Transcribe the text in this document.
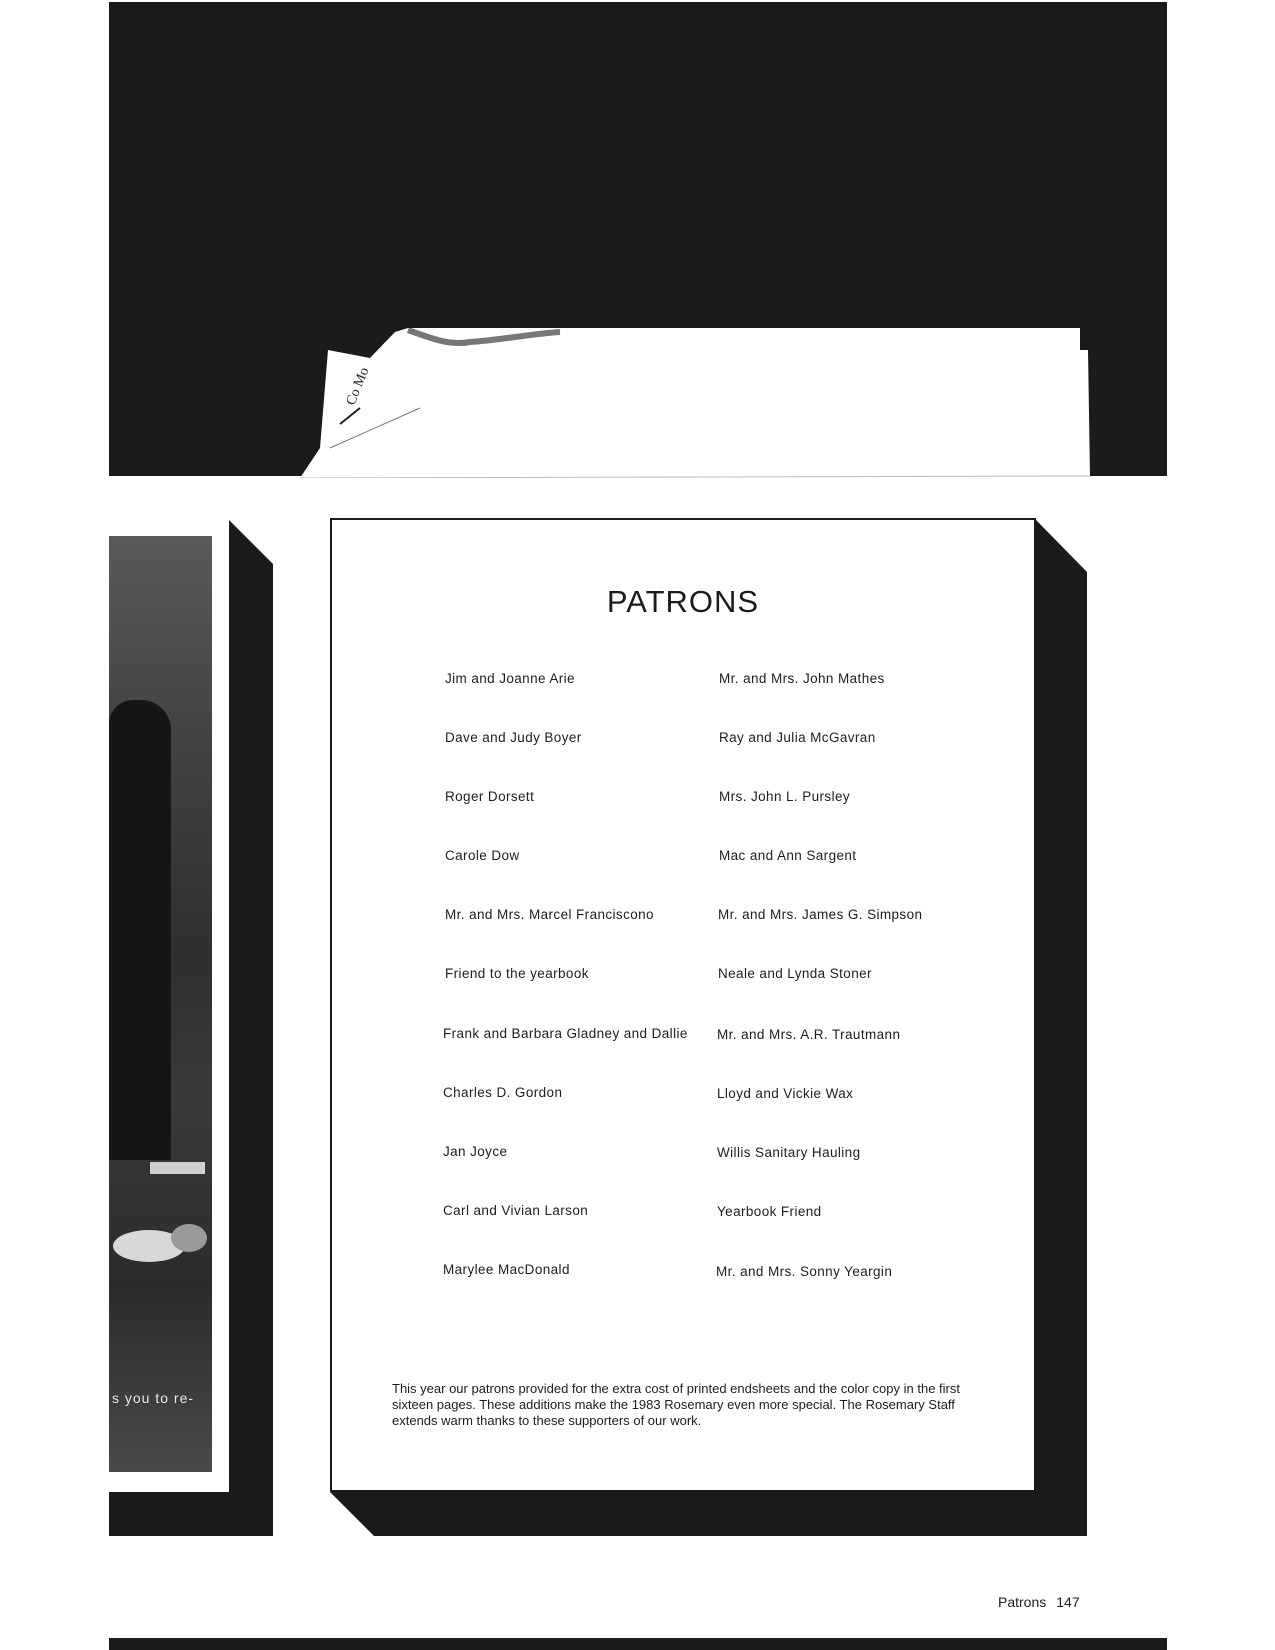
Co Mo
s you to re-
PATRONS
Jim and Joanne Arie
Dave and Judy Boyer
Roger Dorsett
Carole Dow
Mr. and Mrs. Marcel Franciscono
Friend to the yearbook
Frank and Barbara Gladney and Dallie
Charles D. Gordon
Jan Joyce
Carl and Vivian Larson
Marylee MacDonald
Mr. and Mrs. John Mathes
Ray and Julia McGavran
Mrs. John L. Pursley
Mac and Ann Sargent
Mr. and Mrs. James G. Simpson
Neale and Lynda Stoner
Mr. and Mrs. A.R. Trautmann
Lloyd and Vickie Wax
Willis Sanitary Hauling
Yearbook Friend
Mr. and Mrs. Sonny Yeargin
This year our patrons provided for the extra cost of printed endsheets and the color copy in the first sixteen pages. These additions make the 1983 Rosemary even more special. The Rosemary Staff extends warm thanks to these supporters of our work.
Patrons 147
